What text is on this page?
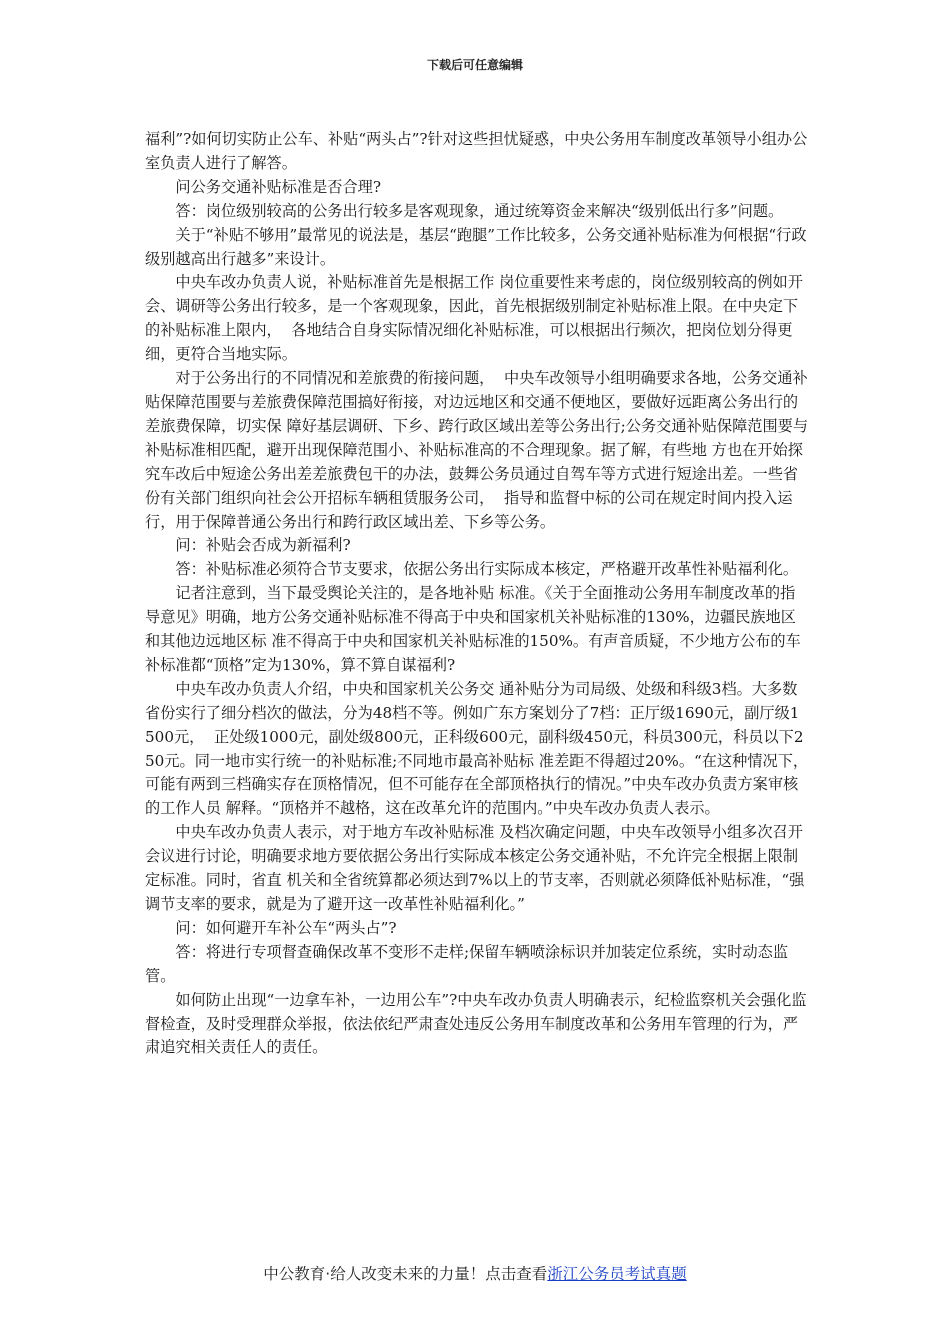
下载后可任意编辑

福利”?如何切实防止公车、补贴“两头占”?针对这些担忧疑惑，中央公务用车制度改革领导小组办公室负责人进行了解答。

问公务交通补贴标准是否合理?

答：岗位级别较高的公务出行较多是客观现象，通过统筹资金来解决“级别低出行多”问题。

关于“补贴不够用”最常见的说法是，基层“跑腿”工作比较多，公务交通补贴标准为何根据“行政级别越高出行越多”来设计。

中央车改办负责人说，补贴标准首先是根据工作 岗位重要性来考虑的，岗位级别较高的例如开会、调研等公务出行较多，是一个客观现象，因此，首先根据级别制定补贴标准上限。在中央定下的补贴标准上限内，  各地结合自身实际情况细化补贴标准，可以根据出行频次，把岗位划分得更细，更符合当地实际。

对于公务出行的不同情况和差旅费的衔接问题，  中央车改领导小组明确要求各地，公务交通补贴保障范围要与差旅费保障范围搞好衔接，对边远地区和交通不便地区，要做好远距离公务出行的差旅费保障，切实保 障好基层调研、下乡、跨行政区域出差等公务出行;公务交通补贴保障范围要与补贴标准相匹配，避开出现保障范围小、补贴标准高的不合理现象。据了解，有些地 方也在开始探究车改后中短途公务出差差旅费包干的办法，鼓舞公务员通过自驾车等方式进行短途出差。一些省份有关部门组织向社会公开招标车辆租赁服务公司，  指导和监督中标的公司在规定时间内投入运行，用于保障普通公务出行和跨行政区域出差、下乡等公务。

问：补贴会否成为新福利?

答：补贴标准必须符合节支要求，依据公务出行实际成本核定，严格避开改革性补贴福利化。

记者注意到，当下最受舆论关注的，是各地补贴 标准。《关于全面推动公务用车制度改革的指导意见》明确，地方公务交通补贴标准不得高于中央和国家机关补贴标准的130%，边疆民族地区和其他边远地区标 准不得高于中央和国家机关补贴标准的150%。有声音质疑，不少地方公布的车补标准都“顶格”定为130%，算不算自谋福利?

中央车改办负责人介绍，中央和国家机关公务交 通补贴分为司局级、处级和科级3档。大多数省份实行了细分档次的做法，分为48档不等。例如广东方案划分了7档：正厅级1690元，副厅级1500元，  正处级1000元，副处级800元，正科级600元，副科级450元，科员300元，科员以下250元。同一地市实行统一的补贴标准;不同地市最高补贴标 准差距不得超过20%。“在这种情况下，可能有两到三档确实存在顶格情况，但不可能存在全部顶格执行的情况。”中央车改办负责方案审核的工作人员 解释。“顶格并不越格，这在改革允许的范围内。”中央车改办负责人表示。

中央车改办负责人表示，对于地方车改补贴标准 及档次确定问题，中央车改领导小组多次召开会议进行讨论，明确要求地方要依据公务出行实际成本核定公务交通补贴，不允许完全根据上限制定标准。同时，省直 机关和全省统算都必须达到7%以上的节支率，否则就必须降低补贴标准，“强调节支率的要求，就是为了避开这一改革性补贴福利化。”

问：如何避开车补公车“两头占”?

答：将进行专项督查确保改革不变形不走样;保留车辆喷涂标识并加装定位系统，实时动态监管。

如何防止出现“一边拿车补，一边用公车”?中央车改办负责人明确表示，纪检监察机关会强化监督检查，及时受理群众举报，依法依纪严肃查处违反公务用车制度改革和公务用车管理的行为，严肃追究相关责任人的责任。

中公教育·给人改变未来的力量！点击查看浙江公务员考试真题
